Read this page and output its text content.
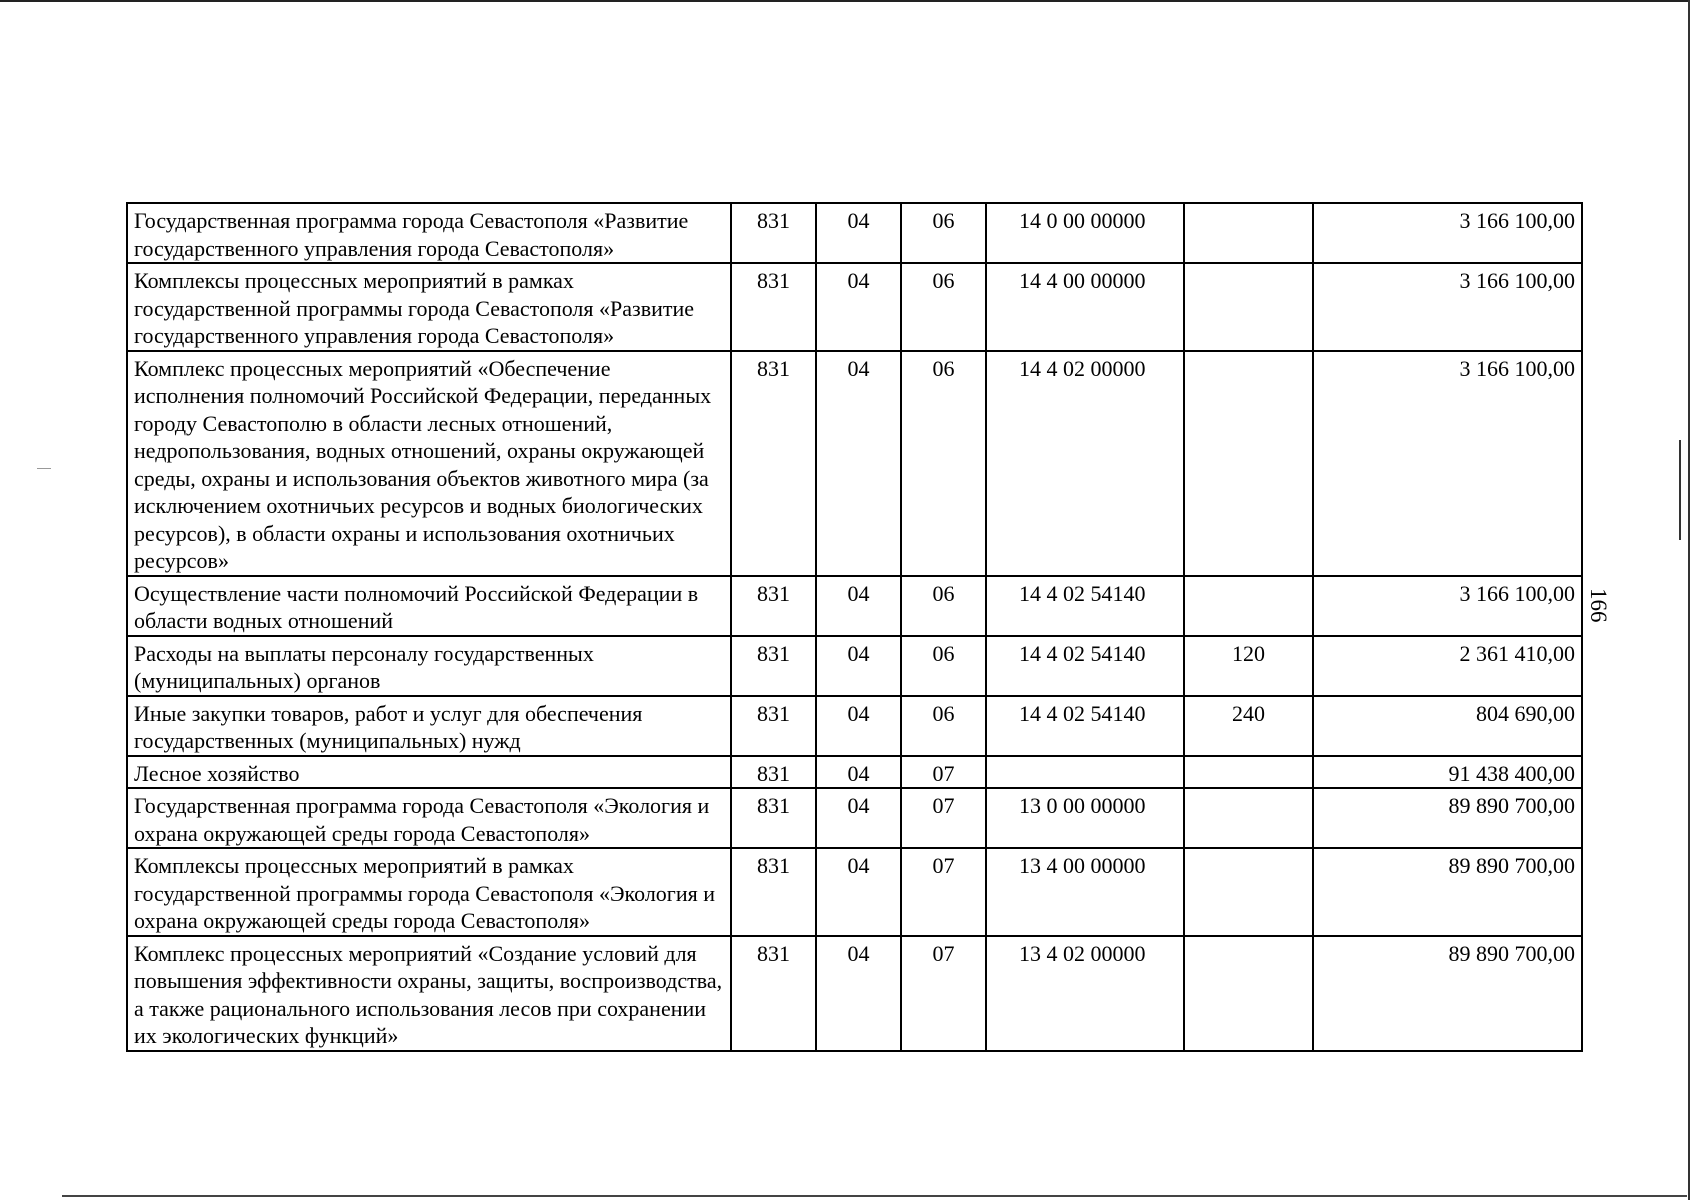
166
Государственная программа города Севастополя «Развитие государственного управления города Севастополя»	831	04	06	14 0 00 00000		3 166 100,00
Комплексы процессных мероприятий в рамках государственной программы города Севастополя «Развитие государственного управления города Севастополя»	831	04	06	14 4 00 00000		3 166 100,00
Комплекс процессных мероприятий «Обеспечение исполнения полномочий Российской Федерации, переданных городу Севастополю в области лесных отношений, недропользования, водных отношений, охраны окружающей среды, охраны и использования объектов животного мира (за исключением охотничьих ресурсов и водных биологических ресурсов), в области охраны и использования охотничьих ресурсов»	831	04	06	14 4 02 00000		3 166 100,00
Осуществление части полномочий Российской Федерации в области водных отношений	831	04	06	14 4 02 54140		3 166 100,00
Расходы на выплаты персоналу государственных (муниципальных) органов	831	04	06	14 4 02 54140	120	2 361 410,00
Иные закупки товаров, работ и услуг для обеспечения государственных (муниципальных) нужд	831	04	06	14 4 02 54140	240	804 690,00
Лесное хозяйство	831	04	07			91 438 400,00
Государственная программа города Севастополя «Экология и охрана окружающей среды города Севастополя»	831	04	07	13 0 00 00000		89 890 700,00
Комплексы процессных мероприятий в рамках государственной программы города Севастополя «Экология и охрана окружающей среды города Севастополя»	831	04	07	13 4 00 00000		89 890 700,00
Комплекс процессных мероприятий «Создание условий для повышения эффективности охраны, защиты, воспроизводства, а также рационального использования лесов при сохранении их экологических функций»	831	04	07	13 4 02 00000		89 890 700,00
